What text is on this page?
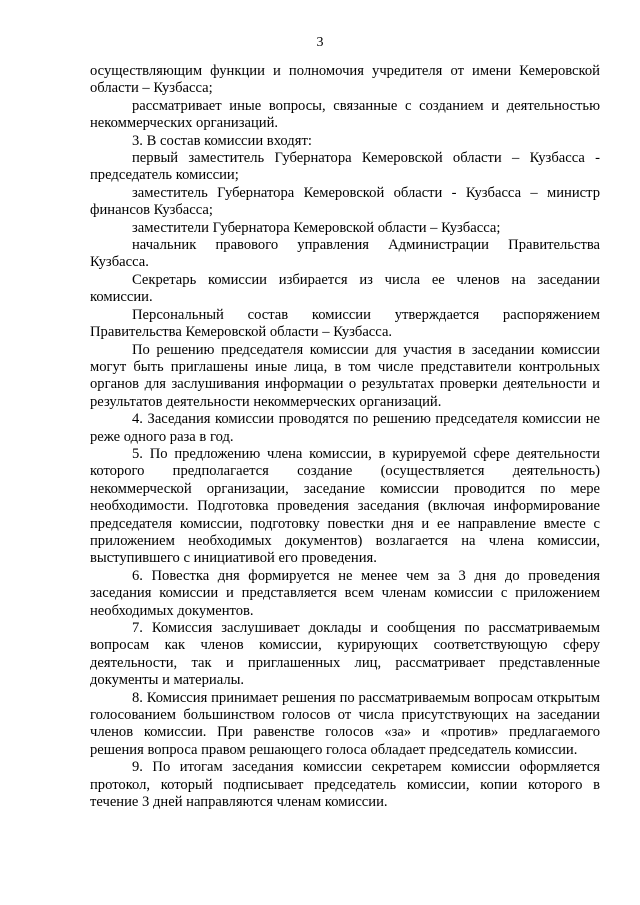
3

осуществляющим функции и полномочия учредителя от имени Кемеровской области – Кузбасса;

рассматривает иные вопросы, связанные с созданием и деятельностью некоммерческих организаций.

3. В состав комиссии входят:

первый заместитель Губернатора Кемеровской области – Кузбасса - председатель комиссии;

заместитель Губернатора Кемеровской области - Кузбасса – министр финансов Кузбасса;

заместители Губернатора Кемеровской области – Кузбасса;

начальник правового управления Администрации Правительства Кузбасса.

Секретарь комиссии избирается из числа ее членов на заседании комиссии.

Персональный состав комиссии утверждается распоряжением Правительства Кемеровской области – Кузбасса.

По решению председателя комиссии для участия в заседании комиссии могут быть приглашены иные лица, в том числе представители контрольных органов для заслушивания информации о результатах проверки деятельности и результатов деятельности некоммерческих организаций.

4. Заседания комиссии проводятся по решению председателя комиссии не реже одного раза в год.

5. По предложению члена комиссии, в курируемой сфере деятельности которого предполагается создание (осуществляется деятельность) некоммерческой организации, заседание комиссии проводится по мере необходимости. Подготовка проведения заседания (включая информирование председателя комиссии, подготовку повестки дня и ее направление вместе с приложением необходимых документов) возлагается на члена комиссии, выступившего с инициативой его проведения.

6. Повестка дня формируется не менее чем за 3 дня до проведения заседания комиссии и представляется всем членам комиссии с приложением необходимых документов.

7. Комиссия заслушивает доклады и сообщения по рассматриваемым вопросам как членов комиссии, курирующих соответствующую сферу деятельности, так и приглашенных лиц, рассматривает представленные документы и материалы.

8. Комиссия принимает решения по рассматриваемым вопросам открытым голосованием большинством голосов от числа присутствующих на заседании членов комиссии. При равенстве голосов «за» и «против» предлагаемого решения вопроса правом решающего голоса обладает председатель комиссии.

9. По итогам заседания комиссии секретарем комиссии оформляется протокол, который подписывает председатель комиссии, копии которого в течение 3 дней направляются членам комиссии.
